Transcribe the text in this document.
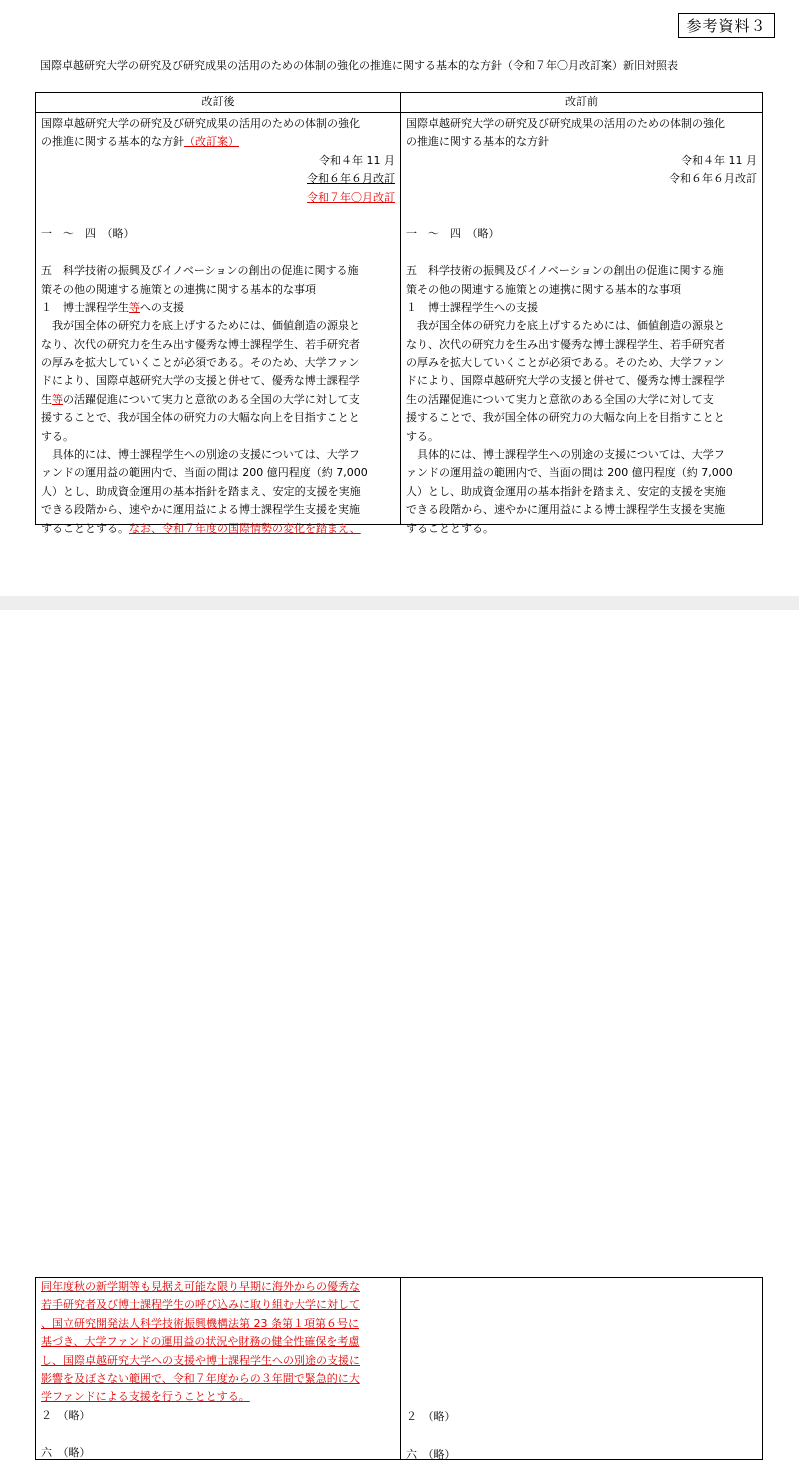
参考資料３
国際卓越研究大学の研究及び研究成果の活用のための体制の強化の推進に関する基本的な方針（令和７年〇月改訂案）新旧対照表
改訂後
国際卓越研究大学の研究及び研究成果の活用のための体制の強化
の推進に関する基本的な方針（改訂案）
令和４年 11 月
令和６年６月改訂
令和７年〇月改訂
一　～　四　（略）
五　科学技術の振興及びイノベーションの創出の促進に関する施
策その他の関連する施策との連携に関する基本的な事項
１　博士課程学生等への支援
　我が国全体の研究力を底上げするためには、価値創造の源泉と
なり、次代の研究力を生み出す優秀な博士課程学生、若手研究者
の厚みを拡大していくことが必須である。そのため、大学ファン
ドにより、国際卓越研究大学の支援と併せて、優秀な博士課程学
生等の活躍促進について実力と意欲のある全国の大学に対して支
援することで、我が国全体の研究力の大幅な向上を目指すことと
する。
　具体的には、博士課程学生への別途の支援については、大学フ
ァンドの運用益の範囲内で、当面の間は 200 億円程度（約 7,000
人）とし、助成資金運用の基本指針を踏まえ、安定的支援を実施
できる段階から、速やかに運用益による博士課程学生支援を実施
することとする。なお、令和７年度の国際情勢の変化を踏まえ、
改訂前
国際卓越研究大学の研究及び研究成果の活用のための体制の強化
の推進に関する基本的な方針
令和４年 11 月
令和６年６月改訂
一　～　四　（略）
五　科学技術の振興及びイノベーションの創出の促進に関する施
策その他の関連する施策との連携に関する基本的な事項
１　博士課程学生への支援
　我が国全体の研究力を底上げするためには、価値創造の源泉と
なり、次代の研究力を生み出す優秀な博士課程学生、若手研究者
の厚みを拡大していくことが必須である。そのため、大学ファン
ドにより、国際卓越研究大学の支援と併せて、優秀な博士課程学
生の活躍促進について実力と意欲のある全国の大学に対して支
援することで、我が国全体の研究力の大幅な向上を目指すことと
する。
　具体的には、博士課程学生への別途の支援については、大学フ
ァンドの運用益の範囲内で、当面の間は 200 億円程度（約 7,000
人）とし、助成資金運用の基本指針を踏まえ、安定的支援を実施
できる段階から、速やかに運用益による博士課程学生支援を実施
することとする。
同年度秋の新学期等も見据え可能な限り早期に海外からの優秀な
若手研究者及び博士課程学生の呼び込みに取り組む大学に対して
、国立研究開発法人科学技術振興機構法第 23 条第１項第６号に
基づき、大学ファンドの運用益の状況や財務の健全性確保を考慮
し、国際卓越研究大学への支援や博士課程学生への別途の支援に
影響を及ぼさない範囲で、令和７年度からの３年間で緊急的に大
学ファンドによる支援を行うこととする。
２　（略）
六　（略）
２　（略）
六　（略）
